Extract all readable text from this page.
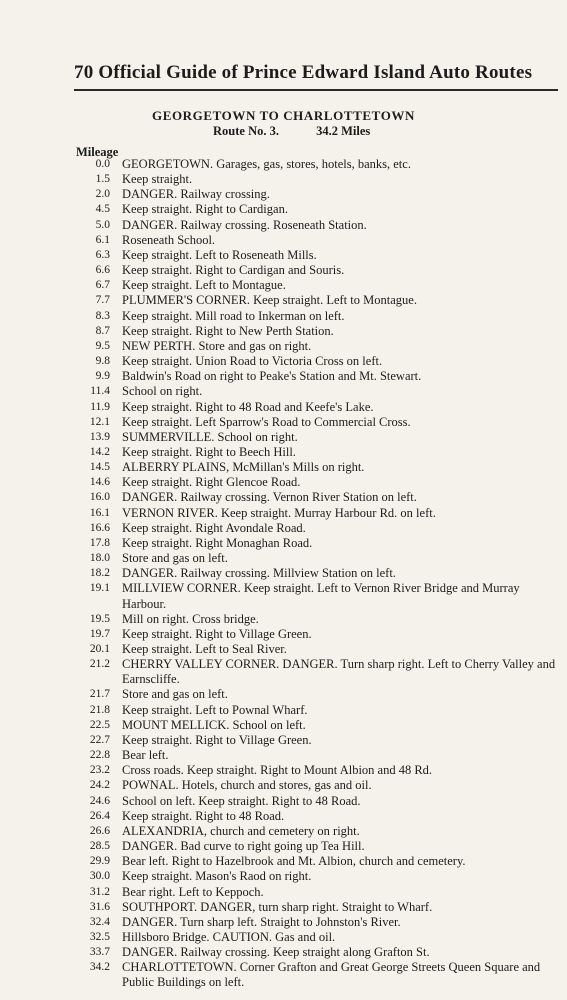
70 Official Guide of Prince Edward Island Auto Routes
GEORGETOWN TO CHARLOTTETOWN
Route No. 3.	34.2 Miles
Mileage
0.0 GEORGETOWN. Garages, gas, stores, hotels, banks, etc.
1.5 Keep straight.
2.0 DANGER. Railway crossing.
4.5 Keep straight. Right to Cardigan.
5.0 DANGER. Railway crossing. Roseneath Station.
6.1 Roseneath School.
6.3 Keep straight. Left to Roseneath Mills.
6.6 Keep straight. Right to Cardigan and Souris.
6.7 Keep straight. Left to Montague.
7.7 PLUMMER'S CORNER. Keep straight. Left to Montague.
8.3 Keep straight. Mill road to Inkerman on left.
8.7 Keep straight. Right to New Perth Station.
9.5 NEW PERTH. Store and gas on right.
9.8 Keep straight. Union Road to Victoria Cross on left.
9.9 Baldwin's Road on right to Peake's Station and Mt. Stewart.
11.4 School on right.
11.9 Keep straight. Right to 48 Road and Keefe's Lake.
12.1 Keep straight. Left Sparrow's Road to Commercial Cross.
13.9 SUMMERVILLE. School on right.
14.2 Keep straight. Right to Beech Hill.
14.5 ALBERRY PLAINS, McMillan's Mills on right.
14.6 Keep straight. Right Glencoe Road.
16.0 DANGER. Railway crossing. Vernon River Station on left.
16.1 VERNON RIVER. Keep straight. Murray Harbour Rd. on left.
16.6 Keep straight. Right Avondale Road.
17.8 Keep straight. Right Monaghan Road.
18.0 Store and gas on left.
18.2 DANGER. Railway crossing. Millview Station on left.
19.1 MILLVIEW CORNER. Keep straight. Left to Vernon River Bridge and Murray Harbour.
19.5 Mill on right. Cross bridge.
19.7 Keep straight. Right to Village Green.
20.1 Keep straight. Left to Seal River.
21.2 CHERRY VALLEY CORNER. DANGER. Turn sharp right. Left to Cherry Valley and Earnscliffe.
21.7 Store and gas on left.
21.8 Keep straight. Left to Pownal Wharf.
22.5 MOUNT MELLICK. School on left.
22.7 Keep straight. Right to Village Green.
22.8 Bear left.
23.2 Cross roads. Keep straight. Right to Mount Albion and 48 Rd.
24.2 POWNAL. Hotels, church and stores, gas and oil.
24.6 School on left. Keep straight. Right to 48 Road.
26.4 Keep straight. Right to 48 Road.
26.6 ALEXANDRIA, church and cemetery on right.
28.5 DANGER. Bad curve to right going up Tea Hill.
29.9 Bear left. Right to Hazelbrook and Mt. Albion, church and cemetery.
30.0 Keep straight. Mason's Raod on right.
31.2 Bear right. Left to Keppoch.
31.6 SOUTHPORT. DANGER, turn sharp right. Straight to Wharf.
32.4 DANGER. Turn sharp left. Straight to Johnston's River.
32.5 Hillsboro Bridge. CAUTION. Gas and oil.
33.7 DANGER. Railway crossing. Keep straight along Grafton St.
34.2 CHARLOTTETOWN. Corner Grafton and Great George Streets Queen Square and Public Buildings on left.
